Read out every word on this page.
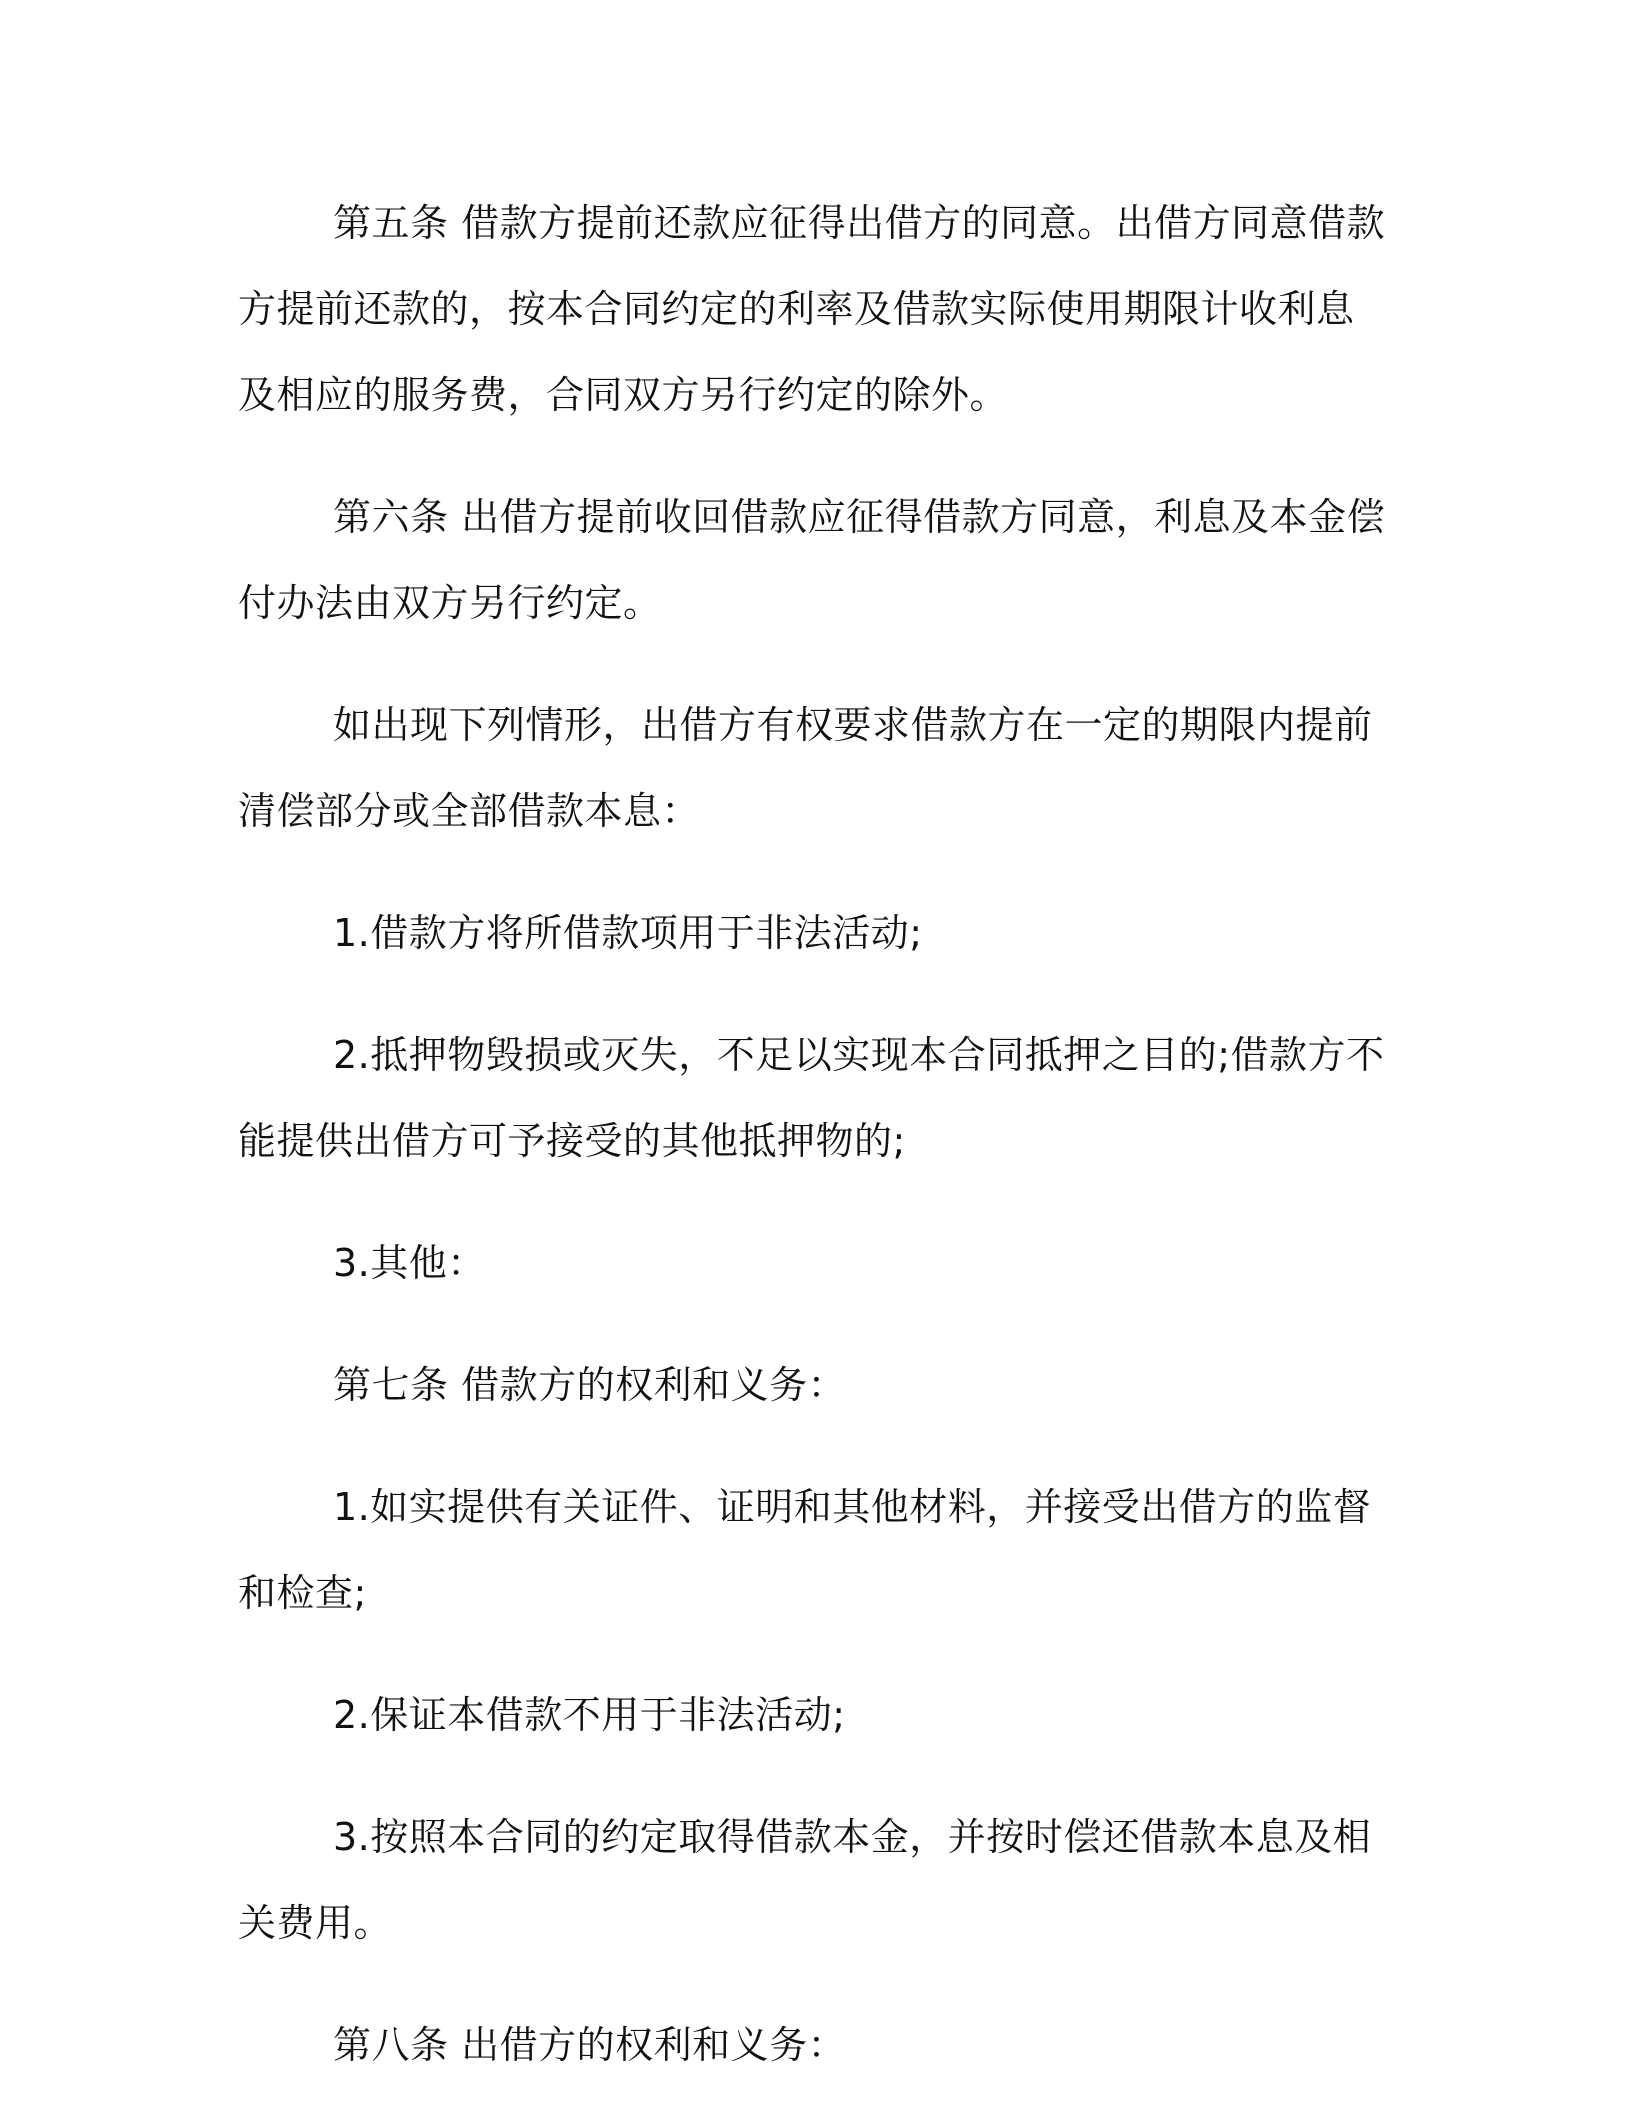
第五条 借款方提前还款应征得出借方的同意。出借方同意借款方提前还款的，按本合同约定的利率及借款实际使用期限计收利息及相应的服务费，合同双方另行约定的除外。

第六条 出借方提前收回借款应征得借款方同意，利息及本金偿付办法由双方另行约定。

如出现下列情形，出借方有权要求借款方在一定的期限内提前清偿部分或全部借款本息：

1.借款方将所借款项用于非法活动;

2.抵押物毁损或灭失，不足以实现本合同抵押之目的;借款方不能提供出借方可予接受的其他抵押物的;

3.其他：

第七条 借款方的权利和义务：

1.如实提供有关证件、证明和其他材料，并接受出借方的监督和检查;

2.保证本借款不用于非法活动;

3.按照本合同的约定取得借款本金，并按时偿还借款本息及相关费用。

第八条 出借方的权利和义务：
